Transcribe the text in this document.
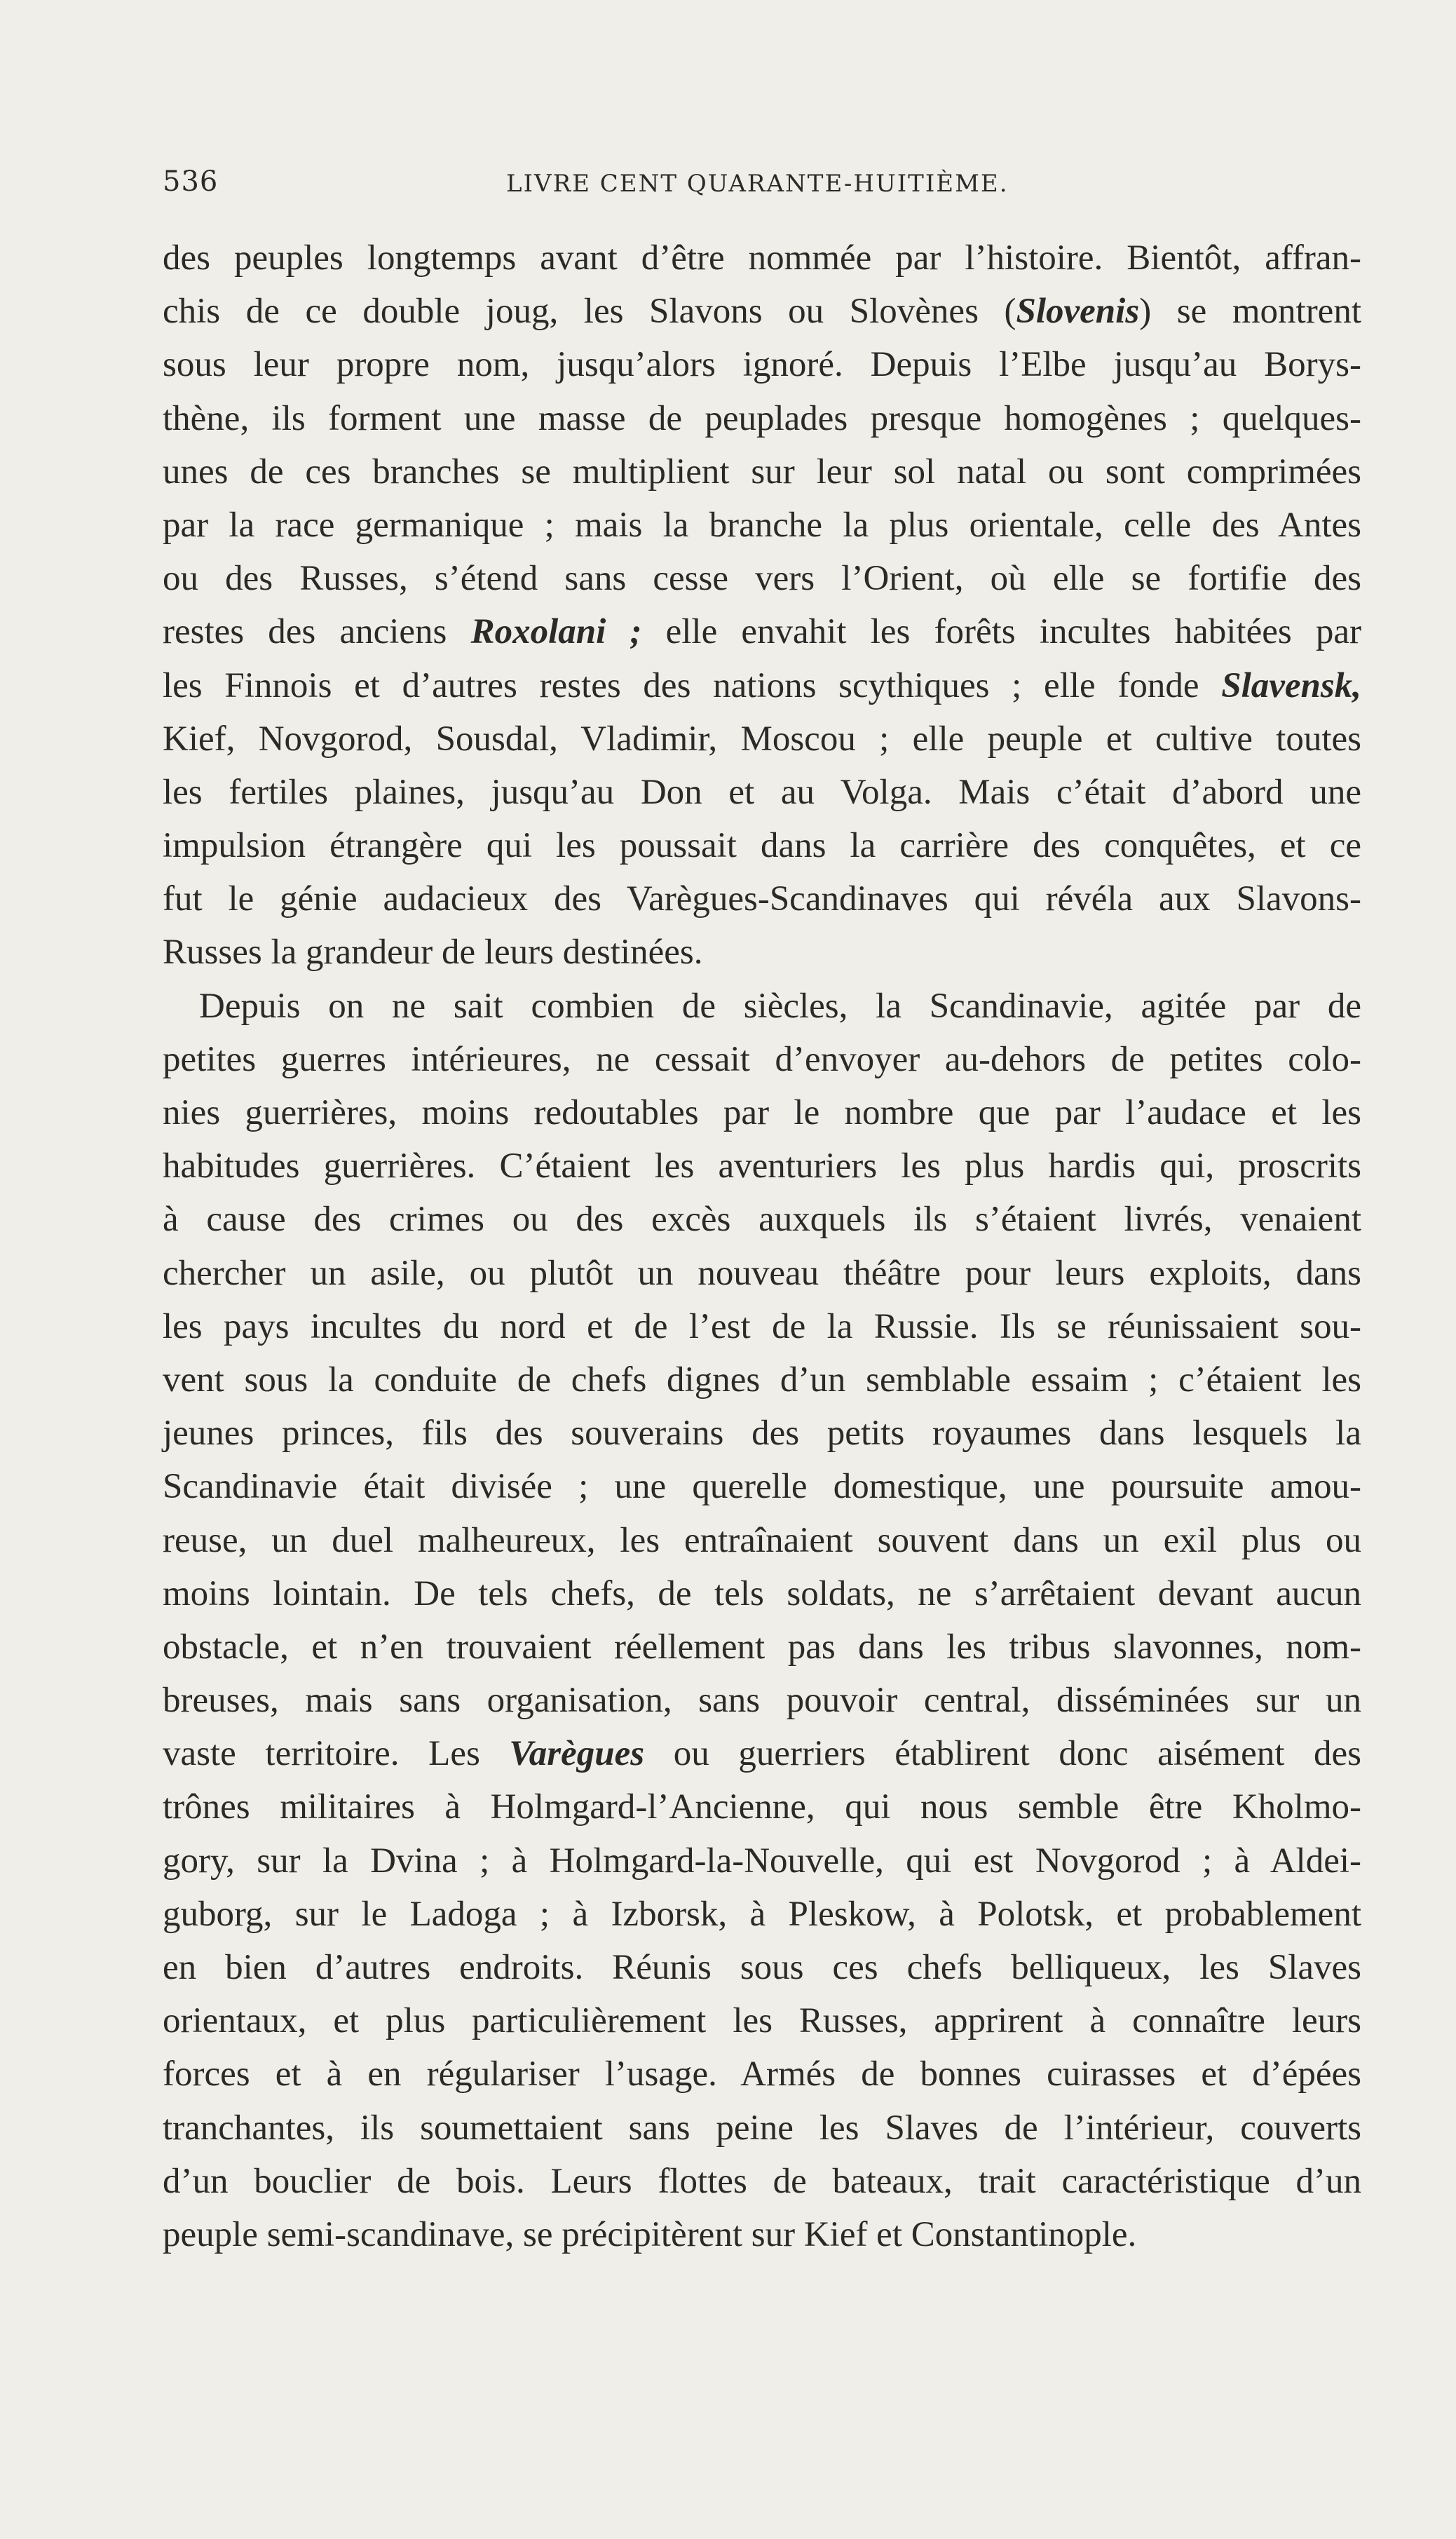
536	LIVRE CENT QUARANTE-HUITIÈME.
des peuples longtemps avant d’être nommée par l’histoire. Bientôt, affran-
chis de ce double joug, les Slavons ou Slovènes (Slovenis) se montrent
sous leur propre nom, jusqu’alors ignoré. Depuis l’Elbe jusqu’au Borys-
thène, ils forment une masse de peuplades presque homogènes ; quelques-
unes de ces branches se multiplient sur leur sol natal ou sont comprimées
par la race germanique ; mais la branche la plus orientale, celle des Antes
ou des Russes, s’étend sans cesse vers l’Orient, où elle se fortifie des
restes des anciens Roxolani ; elle envahit les forêts incultes habitées par
les Finnois et d’autres restes des nations scythiques ; elle fonde Slavensk,
Kief, Novgorod, Sousdal, Vladimir, Moscou ; elle peuple et cultive toutes
les fertiles plaines, jusqu’au Don et au Volga. Mais c’était d’abord une
impulsion étrangère qui les poussait dans la carrière des conquêtes, et ce
fut le génie audacieux des Varègues-Scandinaves qui révéla aux Slavons-
Russes la grandeur de leurs destinées.
Depuis on ne sait combien de siècles, la Scandinavie, agitée par de
petites guerres intérieures, ne cessait d’envoyer au-dehors de petites colo-
nies guerrières, moins redoutables par le nombre que par l’audace et les
habitudes guerrières. C’étaient les aventuriers les plus hardis qui, proscrits
à cause des crimes ou des excès auxquels ils s’étaient livrés, venaient
chercher un asile, ou plutôt un nouveau théâtre pour leurs exploits, dans
les pays incultes du nord et de l’est de la Russie. Ils se réunissaient sou-
vent sous la conduite de chefs dignes d’un semblable essaim ; c’étaient les
jeunes princes, fils des souverains des petits royaumes dans lesquels la
Scandinavie était divisée ; une querelle domestique, une poursuite amou-
reuse, un duel malheureux, les entraînaient souvent dans un exil plus ou
moins lointain. De tels chefs, de tels soldats, ne s’arrêtaient devant aucun
obstacle, et n’en trouvaient réellement pas dans les tribus slavonnes, nom-
breuses, mais sans organisation, sans pouvoir central, disséminées sur un
vaste territoire. Les Varègues ou guerriers établirent donc aisément des
trônes militaires à Holmgard-l’Ancienne, qui nous semble être Kholmo-
gory, sur la Dvina ; à Holmgard-la-Nouvelle, qui est Novgorod ; à Aldei-
guborg, sur le Ladoga ; à Izborsk, à Pleskow, à Polotsk, et probablement
en bien d’autres endroits. Réunis sous ces chefs belliqueux, les Slaves
orientaux, et plus particulièrement les Russes, apprirent à connaître leurs
forces et à en régulariser l’usage. Armés de bonnes cuirasses et d’épées
tranchantes, ils soumettaient sans peine les Slaves de l’intérieur, couverts
d’un bouclier de bois. Leurs flottes de bateaux, trait caractéristique d’un
peuple semi-scandinave, se précipitèrent sur Kief et Constantinople.
